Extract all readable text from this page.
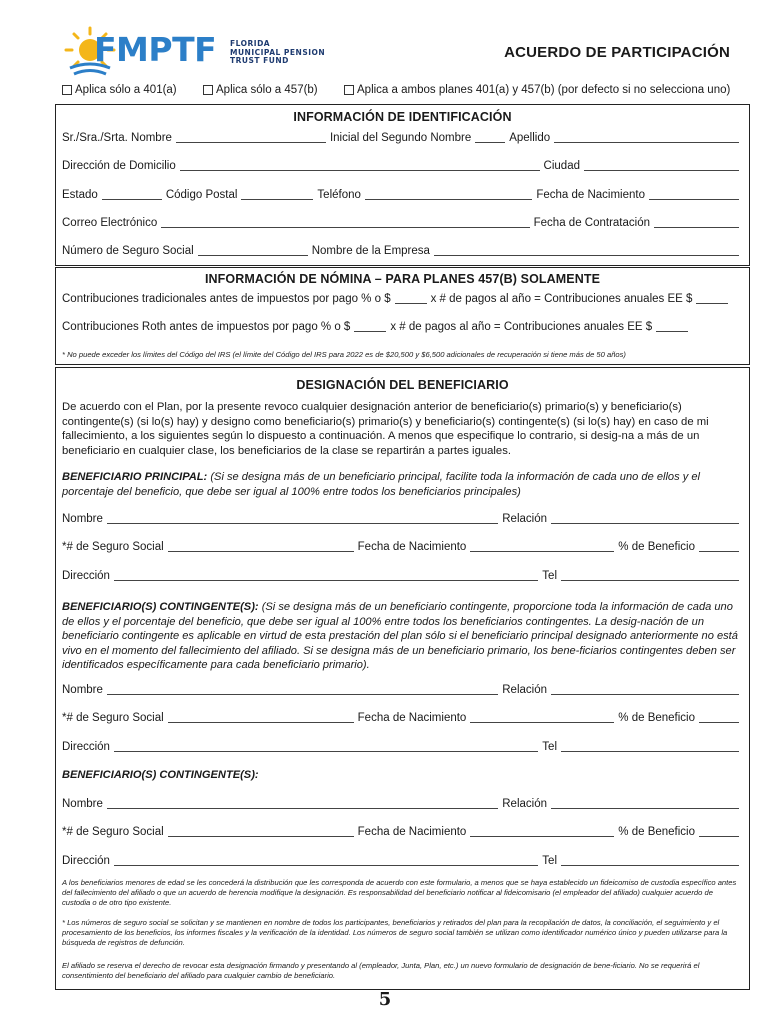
FMPTF FLORIDA
MUNICIPAL PENSION
TRUST FUND	ACUERDO DE PARTICIPACIÓN
Aplica sólo a 401(a)	Aplica sólo a 457(b)	Aplica a ambos planes 401(a) y 457(b) (por defecto si no selecciona uno)
INFORMACIÓN DE IDENTIFICACIÓN
Sr./Sra./Srta. Nombre	Inicial del Segundo Nombre	Apellido
Dirección de Domicilio	Ciudad
Estado	Código Postal	Teléfono	Fecha de Nacimiento
Correo Electrónico	Fecha de Contratación
Número de Seguro Social	Nombre de la Empresa
INFORMACIÓN DE NÓMINA – PARA PLANES 457(B) SOLAMENTE
Contribuciones tradicionales antes de impuestos por pago % o $	x # de pagos al año = Contribuciones anuales EE $
Contribuciones Roth antes de impuestos por pago % o $	x # de pagos al año = Contribuciones anuales EE $
* No puede exceder los límites del Código del IRS (el límite del Código del IRS para 2022 es de $20,500 y $6,500 adicionales de recuperación si tiene más de 50 años)
DESIGNACIÓN DEL BENEFICIARIO
De acuerdo con el Plan, por la presente revoco cualquier designación anterior de beneficiario(s) primario(s) y beneficiario(s) contingente(s) (si lo(s) hay) y designo como beneficiario(s) primario(s) y beneficiario(s) contingente(s) (si lo(s) hay) en caso de mi fallecimiento, a los siguientes según lo dispuesto a continuación. A menos que especifique lo contrario, si desig-na a más de un beneficiario en cualquier clase, los beneficiarios de la clase se repartirán a partes iguales.
BENEFICIARIO PRINCIPAL: (Si se designa más de un beneficiario principal, facilite toda la información de cada uno de ellos y el porcentaje del beneficio, que debe ser igual al 100% entre todos los beneficiarios principales)
Nombre	Relación
*# de Seguro Social	Fecha de Nacimiento	% de Beneficio
Dirección	Tel
BENEFICIARIO(S) CONTINGENTE(S): (Si se designa más de un beneficiario contingente, proporcione toda la información de cada uno de ellos y el porcentaje del beneficio, que debe ser igual al 100% entre todos los beneficiarios contingentes. La desig-nación de un beneficiario contingente es aplicable en virtud de esta prestación del plan sólo si el beneficiario principal designado anteriormente no está vivo en el momento del fallecimiento del afiliado. Si se designa más de un beneficiario primario, los bene-ficiarios contingentes deben ser identificados específicamente para cada beneficiario primario).
Nombre	Relación
*# de Seguro Social	Fecha de Nacimiento	% de Beneficio
Dirección	Tel
BENEFICIARIO(S) CONTINGENTE(S):
Nombre	Relación
*# de Seguro Social	Fecha de Nacimiento	% de Beneficio
Dirección	Tel
A los beneficiarios menores de edad se les concederá la distribución que les corresponda de acuerdo con este formulario, a menos que se haya establecido un fideicomiso de custodia específico antes del fallecimiento del afiliado o que un acuerdo de herencia modifique la designación. Es responsabilidad del beneficiario notificar al fideicomisario (el empleador del afiliado) cualquier acuerdo de custodia o de otro tipo existente.
* Los números de seguro social se solicitan y se mantienen en nombre de todos los participantes, beneficiarios y retirados del plan para la recopilación de datos, la conciliación, el seguimiento y el procesamiento de los beneficios, los informes fiscales y la verificación de la identidad. Los números de seguro social también se utilizan como identificador numérico único y pueden utilizarse para la búsqueda de registros de defunción.
El afiliado se reserva el derecho de revocar esta designación firmando y presentando al (empleador, Junta, Plan, etc.) un nuevo formulario de designación de bene-ficiario. No se requerirá el consentimiento del beneficiario del afiliado para cualquier cambio de beneficiario.
5
